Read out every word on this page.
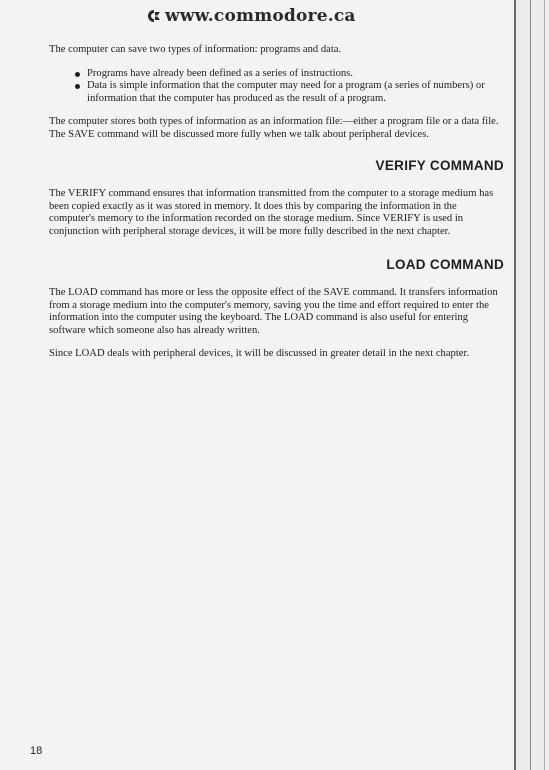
www.commodore.ca

The computer can save two types of information: programs and data.

Programs have already been defined as a series of instructions.
Data is simple information that the computer may need for a program (a series of numbers) or information that the computer has produced as the result of a program.

The computer stores both types of information as an information file:—either a program file or a data file. The SAVE command will be discussed more fully when we talk about peripheral devices.

VERIFY COMMAND

The VERIFY command ensures that information transmitted from the computer to a storage medium has been copied exactly as it was stored in memory. It does this by comparing the information in the computer's memory to the information recorded on the storage medium. Since VERIFY is used in conjunction with peripheral storage devices, it will be more fully described in the next chapter.

LOAD COMMAND

The LOAD command has more or less the opposite effect of the SAVE command. It transfers information from a storage medium into the computer's memory, saving you the time and effort required to enter the information into the computer using the keyboard. The LOAD command is also useful for entering software which someone also has already written.

Since LOAD deals with peripheral devices, it will be discussed in greater detail in the next chapter.

18
